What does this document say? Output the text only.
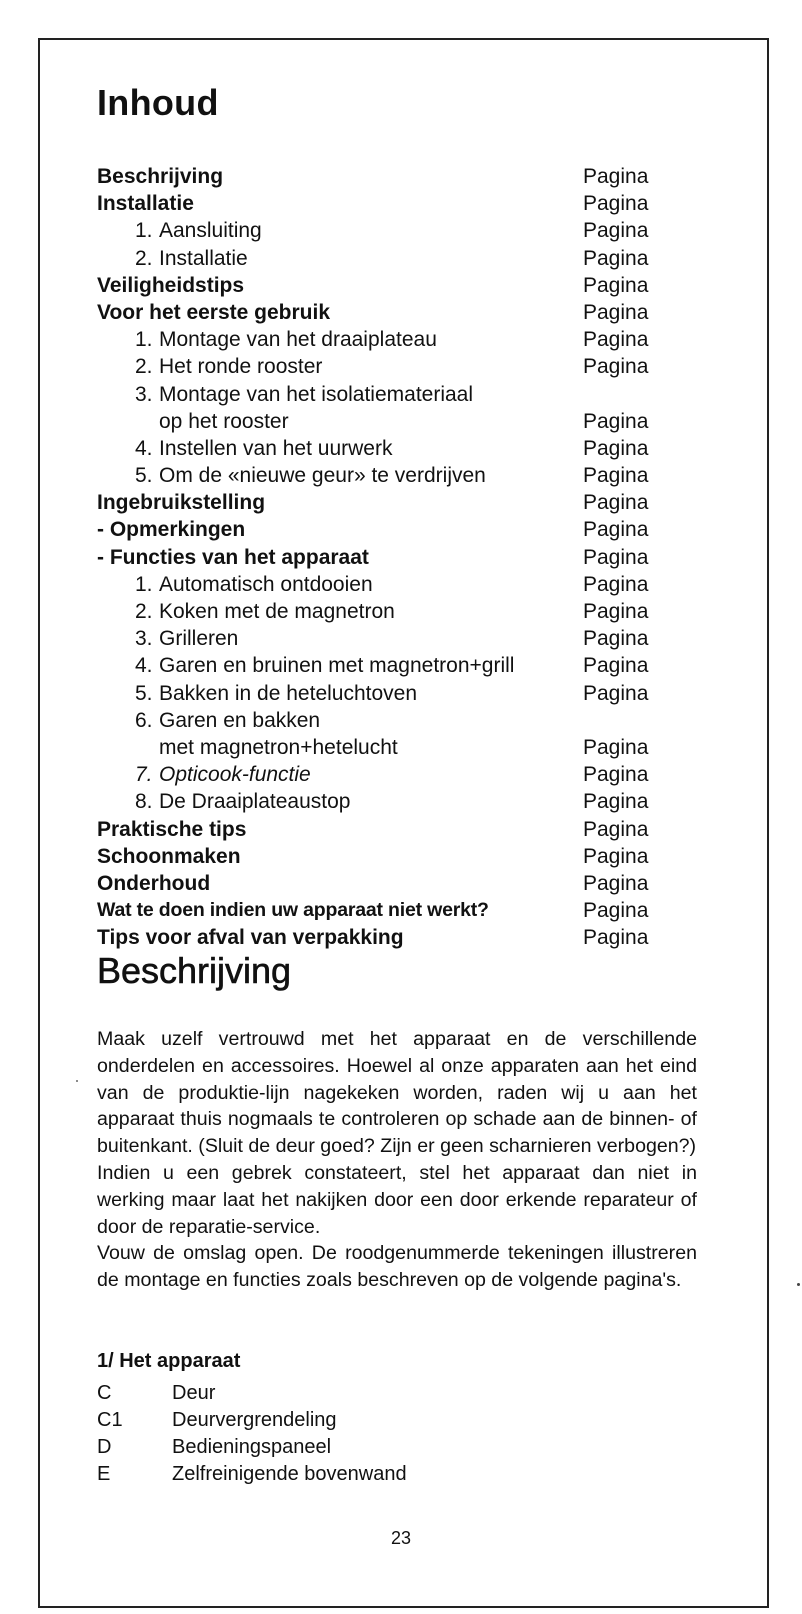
Inhoud
Beschrijving	Pagina
Installatie	Pagina
1. Aansluiting	Pagina
2. Installatie	Pagina
Veiligheidstips	Pagina
Voor het eerste gebruik	Pagina
1. Montage van het draaiplateau	Pagina
2. Het ronde rooster	Pagina
3. Montage van het isolatiemateriaal
op het rooster	Pagina
4. Instellen van het uurwerk	Pagina
5. Om de «nieuwe geur» te verdrijven	Pagina
Ingebruikstelling	Pagina
- Opmerkingen	Pagina
- Functies van het apparaat	Pagina
1. Automatisch ontdooien	Pagina
2. Koken met de magnetron	Pagina
3. Grilleren	Pagina
4. Garen en bruinen met magnetron+grill	Pagina
5. Bakken in de heteluchtoven	Pagina
6. Garen en bakken
met magnetron+hetelucht	Pagina
7. Opticook-functie	Pagina
8. De Draaiplateaustop	Pagina
Praktische tips	Pagina
Schoonmaken	Pagina
Onderhoud	Pagina
Wat te doen indien uw apparaat niet werkt?	Pagina
Tips voor afval van verpakking	Pagina
Beschrijving

Maak uzelf vertrouwd met het apparaat en de verschillende onderdelen en accessoires. Hoewel al onze apparaten aan het eind van de produktie-lijn nagekeken worden, raden wij u aan het apparaat thuis nogmaals te controleren op schade aan de binnen- of buitenkant. (Sluit de deur goed? Zijn er geen scharnieren verbogen?)

Indien u een gebrek constateert, stel het apparaat dan niet in werking maar laat het nakijken door een door erkende reparateur of door de reparatie-service.

Vouw de omslag open. De roodgenummerde tekeningen illustreren de montage en functies zoals beschreven op de volgende pagina's.

1/ Het apparaat
C	Deur
C1	Deurvergrendeling
D	Bedieningspaneel
E	Zelfreinigende bovenwand

23
